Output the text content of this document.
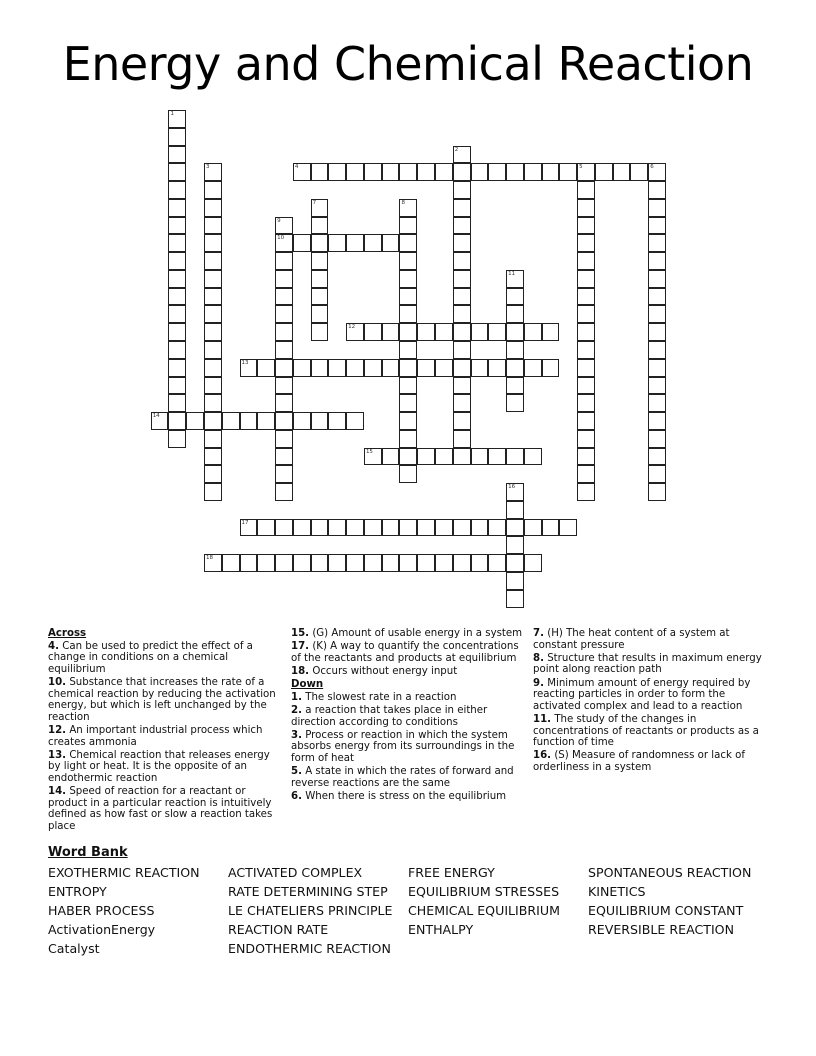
Energy and Chemical Reaction
1
2
3	4	5	6
7	8
9
10
11
12
13
14
15
16
17
18
Across
4. Can be used to predict the effect of a change in conditions on a chemical equilibrium
10. Substance that increases the rate of a chemical reaction by reducing the activation energy, but which is left unchanged by the reaction
12. An important industrial process which creates ammonia
13. Chemical reaction that releases energy by light or heat. It is the opposite of an endothermic reaction
14. Speed of reaction for a reactant or product in a particular reaction is intuitively defined as how fast or slow a reaction takes place
15. (G) Amount of usable energy in a system
17. (K) A way to quantify the concentrations of the reactants and products at equilibrium
18. Occurs without energy input
Down
1. The slowest rate in a reaction
2. a reaction that takes place in either direction according to conditions
3. Process or reaction in which the system absorbs energy from its surroundings in the form of heat
5. A state in which the rates of forward and reverse reactions are the same
6. When there is stress on the equilibrium
7. (H) The heat content of a system at constant pressure
8. Structure that results in maximum energy point along reaction path
9. Minimum amount of energy required by reacting particles in order to form the activated complex and lead to a reaction
11. The study of the changes in concentrations of reactants or products as a function of time
16. (S) Measure of randomness or lack of orderliness in a system
Word Bank
EXOTHERMIC REACTION
ENTROPY
HABER PROCESS
ActivationEnergy
Catalyst
ACTIVATED COMPLEX
RATE DETERMINING STEP
LE CHATELIERS PRINCIPLE
REACTION RATE
ENDOTHERMIC REACTION
FREE ENERGY
EQUILIBRIUM STRESSES
CHEMICAL EQUILIBRIUM
ENTHALPY
SPONTANEOUS REACTION
KINETICS
EQUILIBRIUM CONSTANT
REVERSIBLE REACTION
